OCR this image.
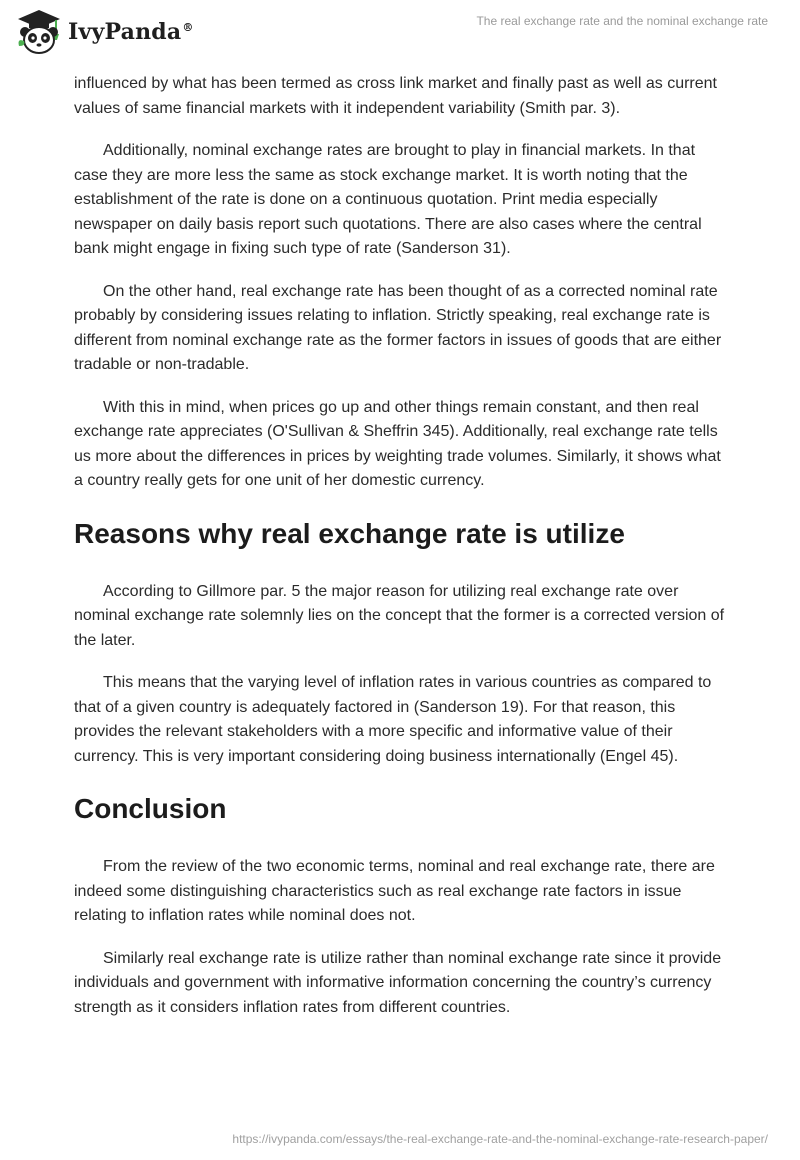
IvyPanda®	The real exchange rate and the nominal exchange rate

influenced by what has been termed as cross link market and finally past as well as current values of same financial markets with it independent variability (Smith par. 3).

Additionally, nominal exchange rates are brought to play in financial markets. In that case they are more less the same as stock exchange market. It is worth noting that the establishment of the rate is done on a continuous quotation. Print media especially newspaper on daily basis report such quotations. There are also cases where the central bank might engage in fixing such type of rate (Sanderson 31).

On the other hand, real exchange rate has been thought of as a corrected nominal rate probably by considering issues relating to inflation. Strictly speaking, real exchange rate is different from nominal exchange rate as the former factors in issues of goods that are either tradable or non-tradable.

With this in mind, when prices go up and other things remain constant, and then real exchange rate appreciates (O'Sullivan & Sheffrin 345). Additionally, real exchange rate tells us more about the differences in prices by weighting trade volumes. Similarly, it shows what a country really gets for one unit of her domestic currency.

Reasons why real exchange rate is utilize

According to Gillmore par. 5 the major reason for utilizing real exchange rate over nominal exchange rate solemnly lies on the concept that the former is a corrected version of the later.

This means that the varying level of inflation rates in various countries as compared to that of a given country is adequately factored in (Sanderson 19). For that reason, this provides the relevant stakeholders with a more specific and informative value of their currency. This is very important considering doing business internationally (Engel 45).

Conclusion

From the review of the two economic terms, nominal and real exchange rate, there are indeed some distinguishing characteristics such as real exchange rate factors in issue relating to inflation rates while nominal does not.

Similarly real exchange rate is utilize rather than nominal exchange rate since it provide individuals and government with informative information concerning the country’s currency strength as it considers inflation rates from different countries.

https://ivypanda.com/essays/the-real-exchange-rate-and-the-nominal-exchange-rate-research-paper/
